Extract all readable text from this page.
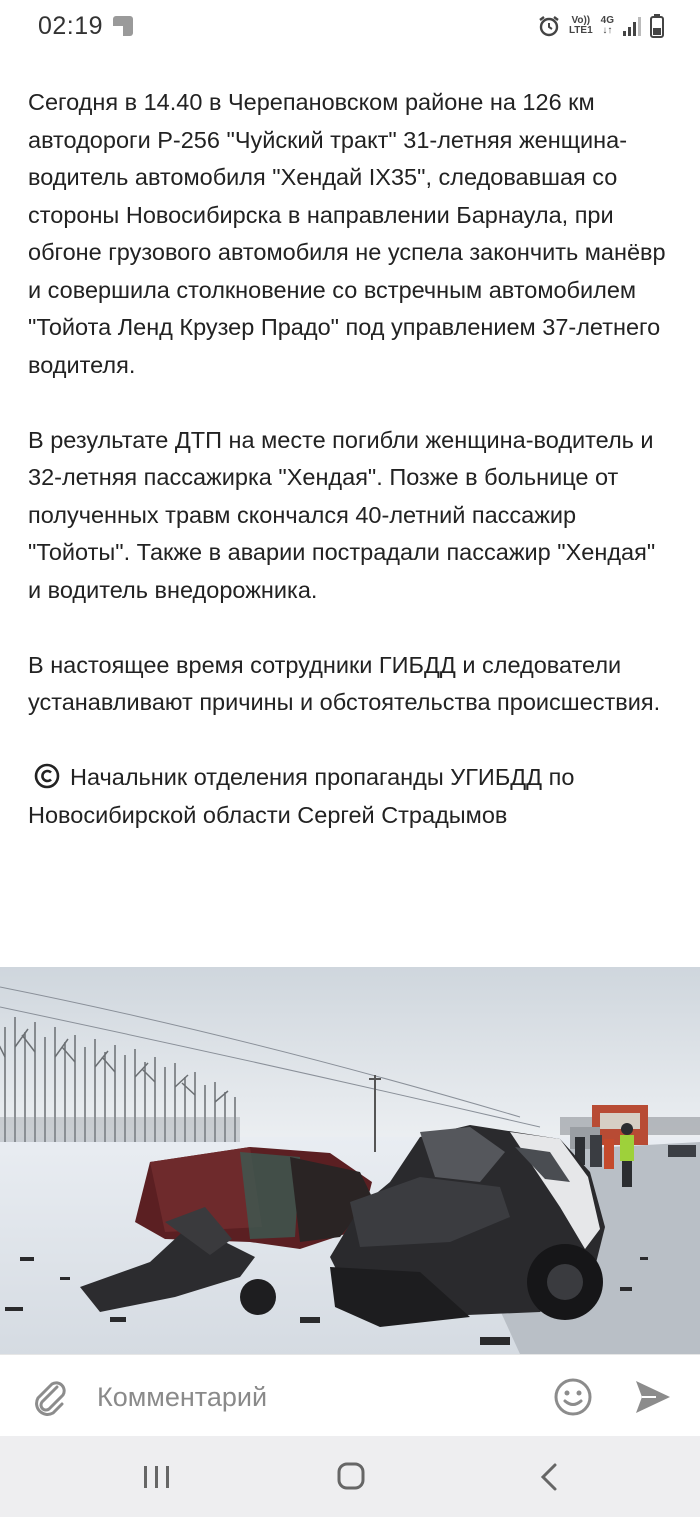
02:19	Vo))
LTE1
4G
↓↑

Сегодня в 14.40 в Черепановском районе на 126 км автодороги Р-256 "Чуйский тракт" 31-летняя женщина-водитель автомобиля "Хендай IX35", следовавшая со стороны Новосибирска в направлении Барнаула, при обгоне грузового автомобиля не успела закончить манёвр и совершила столкновение со встречным автомобилем "Тойота Ленд Крузер Прадо" под управлением 37-летнего водителя.

В результате ДТП на месте погибли женщина-водитель и 32-летняя пассажирка "Хендая". Позже в больнице от полученных травм скончался 40-летний пассажир "Тойоты". Также в аварии пострадали пассажир "Хендая" и водитель внедорожника.

В настоящее время сотрудники ГИБДД и следователи устанавливают причины и обстоятельства происшествия.

Начальник отделения пропаганды УГИБДД по Новосибирской области Сергей Страдымов

Комментарий
